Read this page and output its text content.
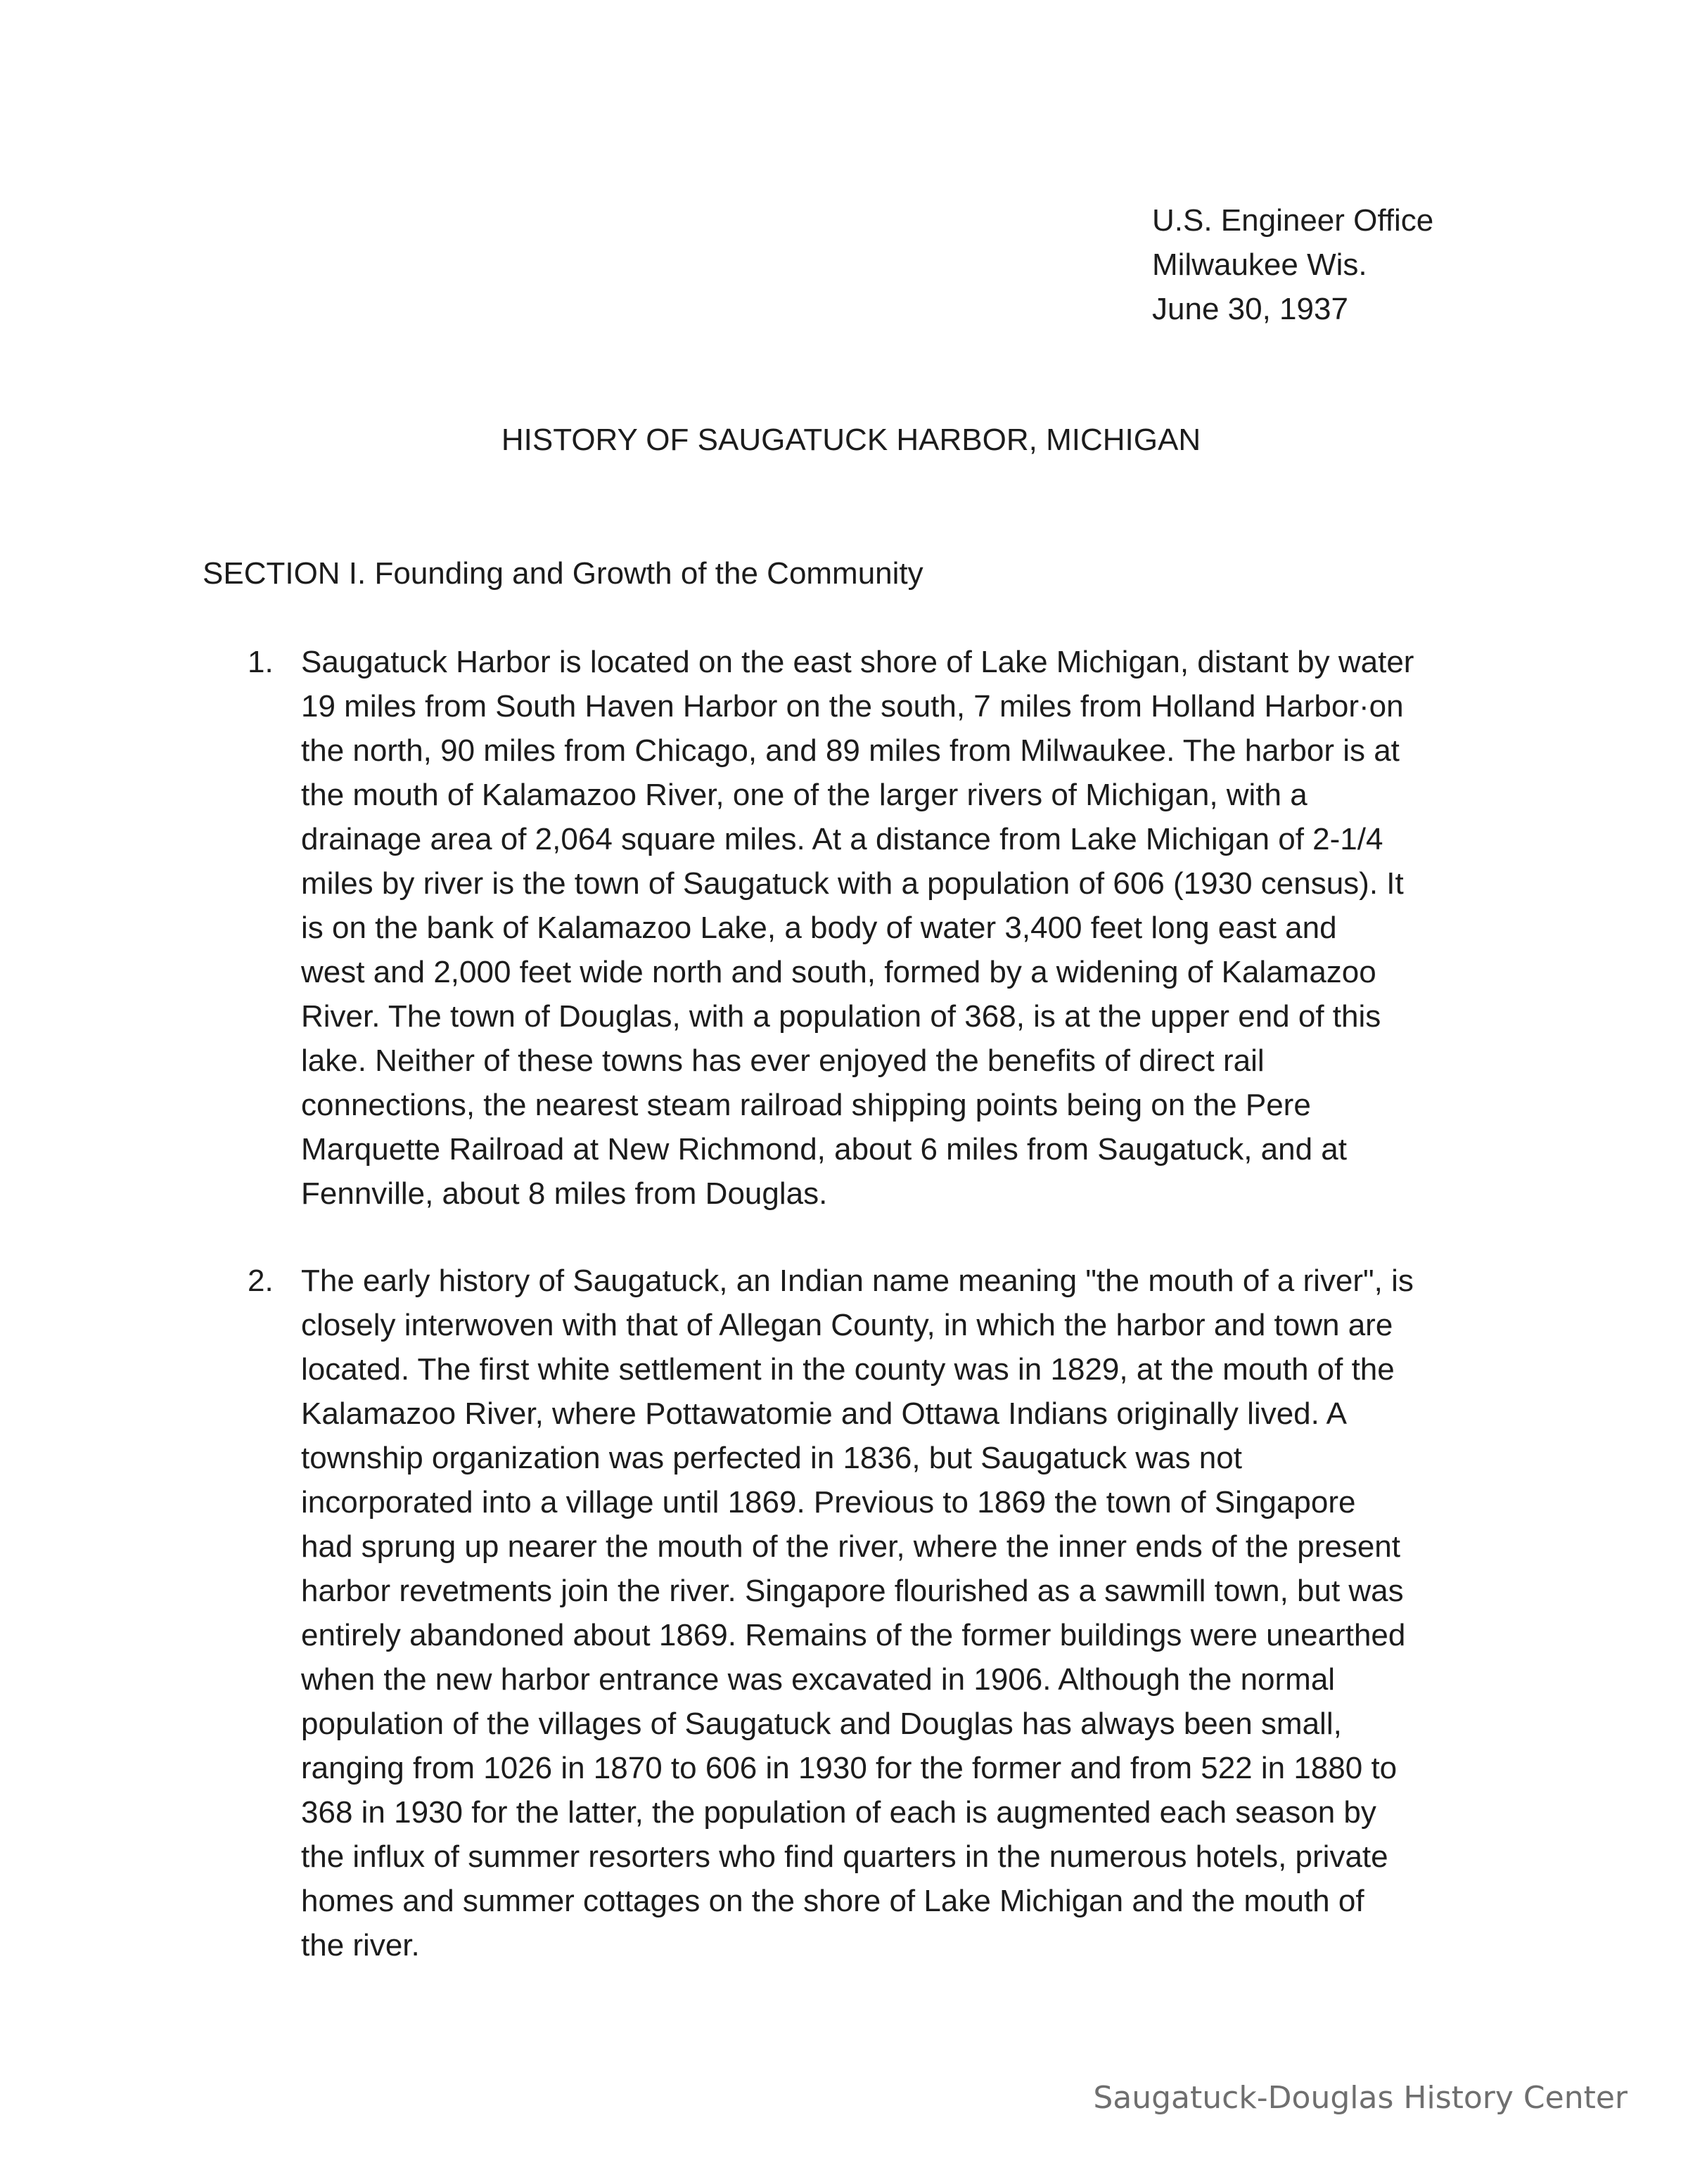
U.S. Engineer Office
Milwaukee Wis.
June 30, 1937
HISTORY OF SAUGATUCK HARBOR, MICHIGAN
SECTION I. Founding and Growth of the Community
1. Saugatuck Harbor is located on the east shore of Lake Michigan, distant by water
19 miles from South Haven Harbor on the south, 7 miles from Holland Harbor·on
the north, 90 miles from Chicago, and 89 miles from Milwaukee. The harbor is at
the mouth of Kalamazoo River, one of the larger rivers of Michigan, with a
drainage area of 2,064 square miles. At a distance from Lake Michigan of 2-1/4
miles by river is the town of Saugatuck with a population of 606 (1930 census). It
is on the bank of Kalamazoo Lake, a body of water 3,400 feet long east and
west and 2,000 feet wide north and south, formed by a widening of Kalamazoo
River. The town of Douglas, with a population of 368, is at the upper end of this
lake. Neither of these towns has ever enjoyed the benefits of direct rail
connections, the nearest steam railroad shipping points being on the Pere
Marquette Railroad at New Richmond, about 6 miles from Saugatuck, and at
Fennville, about 8 miles from Douglas.
2. The early history of Saugatuck, an Indian name meaning "the mouth of a river", is
closely interwoven with that of Allegan County, in which the harbor and town are
located. The first white settlement in the county was in 1829, at the mouth of the
Kalamazoo River, where Pottawatomie and Ottawa Indians originally lived. A
township organization was perfected in 1836, but Saugatuck was not
incorporated into a village until 1869. Previous to 1869 the town of Singapore
had sprung up nearer the mouth of the river, where the inner ends of the present
harbor revetments join the river. Singapore flourished as a sawmill town, but was
entirely abandoned about 1869. Remains of the former buildings were unearthed
when the new harbor entrance was excavated in 1906. Although the normal
population of the villages of Saugatuck and Douglas has always been small,
ranging from 1026 in 1870 to 606 in 1930 for the former and from 522 in 1880 to
368 in 1930 for the latter, the population of each is augmented each season by
the influx of summer resorters who find quarters in the numerous hotels, private
homes and summer cottages on the shore of Lake Michigan and the mouth of
the river.
Saugatuck-Douglas History Center
